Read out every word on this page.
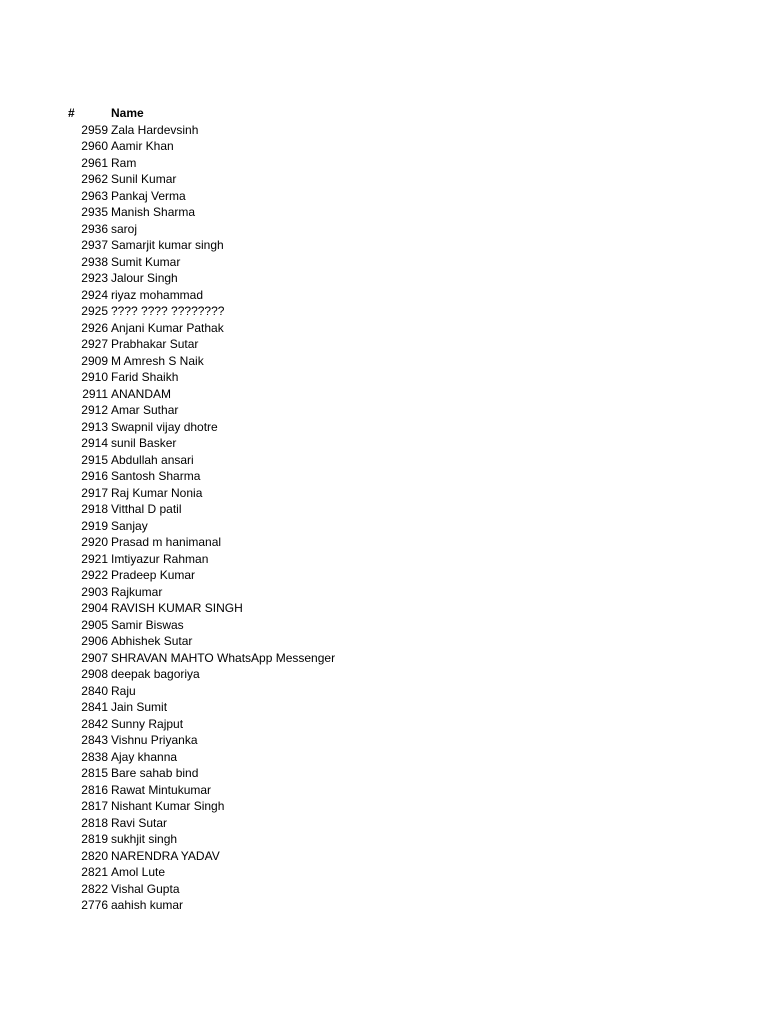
#	Name
2959 Zala Hardevsinh
2960 Aamir Khan
2961 Ram
2962 Sunil Kumar
2963 Pankaj Verma
2935 Manish Sharma
2936 saroj
2937 Samarjit kumar singh
2938 Sumit Kumar
2923 Jalour Singh
2924 riyaz mohammad
2925 ???? ???? ????????
2926 Anjani Kumar Pathak
2927 Prabhakar Sutar
2909 M Amresh S Naik
2910 Farid Shaikh
2911 ANANDAM
2912 Amar Suthar
2913 Swapnil vijay dhotre
2914 sunil Basker
2915 Abdullah ansari
2916 Santosh Sharma
2917 Raj Kumar Nonia
2918 Vitthal D patil
2919 Sanjay
2920 Prasad m hanimanal
2921 Imtiyazur Rahman
2922 Pradeep Kumar
2903 Rajkumar
2904 RAVISH KUMAR SINGH
2905 Samir Biswas
2906 Abhishek Sutar
2907 SHRAVAN MAHTO WhatsApp Messenger
2908 deepak bagoriya
2840 Raju
2841 Jain Sumit
2842 Sunny Rajput
2843 Vishnu Priyanka
2838 Ajay khanna
2815 Bare sahab bind
2816 Rawat Mintukumar
2817 Nishant Kumar Singh
2818 Ravi Sutar
2819 sukhjit singh
2820 NARENDRA YADAV
2821 Amol Lute
2822 Vishal Gupta
2776 aahish kumar
